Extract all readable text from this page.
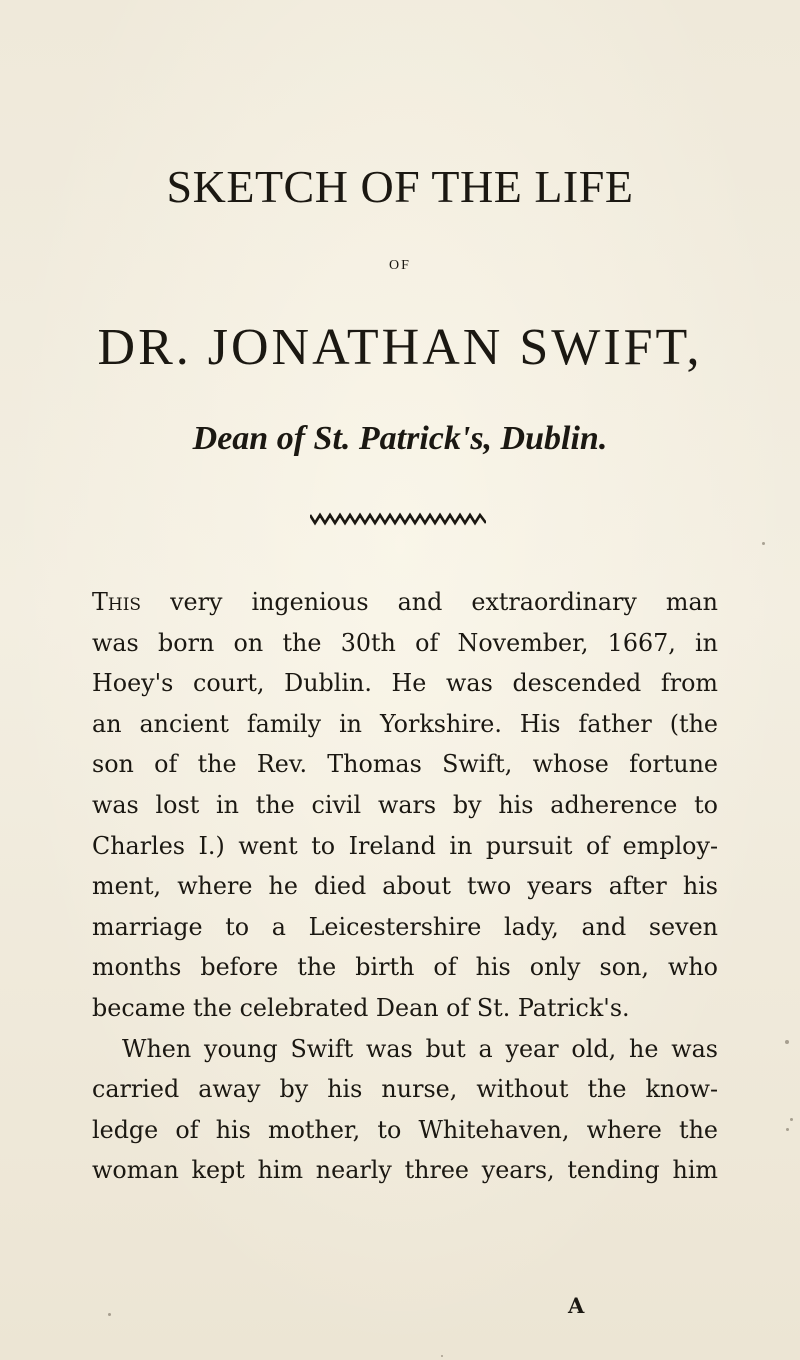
SKETCH OF THE LIFE
OF
DR. JONATHAN SWIFT,
Dean of St. Patrick's, Dublin.
This very ingenious and extraordinary man
was born on the 30th of November, 1667, in
Hoey's court, Dublin. He was descended from
an ancient family in Yorkshire. His father (the
son of the Rev. Thomas Swift, whose fortune
was lost in the civil wars by his adherence to
Charles I.) went to Ireland in pursuit of employ-
ment, where he died about two years after his
marriage to a Leicestershire lady, and seven
months before the birth of his only son, who
became the celebrated Dean of St. Patrick's.
When young Swift was but a year old, he was
carried away by his nurse, without the know-
ledge of his mother, to Whitehaven, where the
woman kept him nearly three years, tending him
A
